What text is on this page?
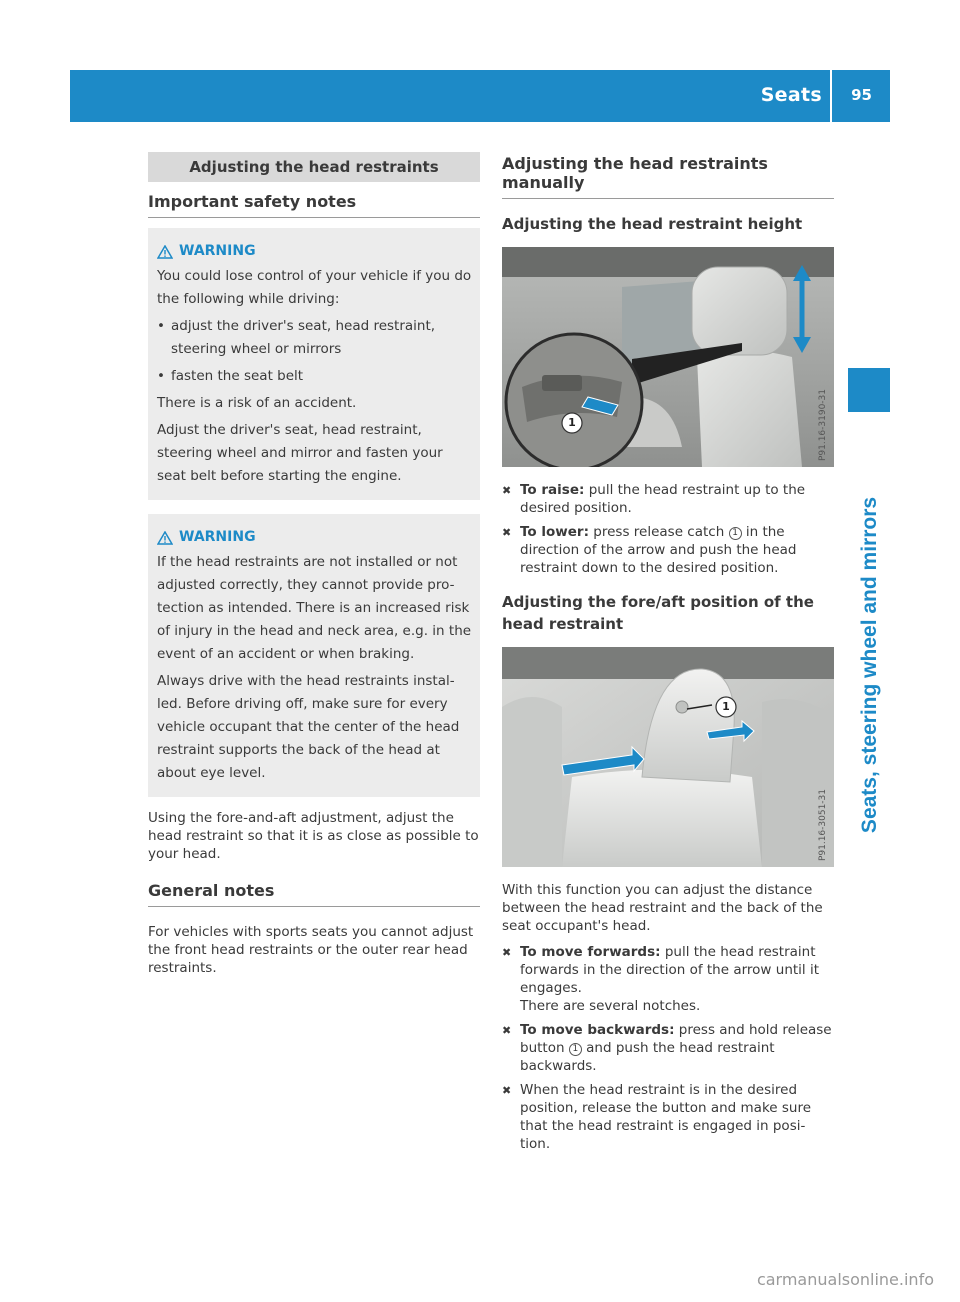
Seats 95
Seats, steering wheel and mirrors
Adjusting the head restraints
Important safety notes
WARNING

You could lose control of your vehicle if you do the following while driving:

• adjust the driver's seat, head restraint, steering wheel or mirrors
• fasten the seat belt

There is a risk of an accident.

Adjust the driver's seat, head restraint, steering wheel and mirror and fasten your seat belt before starting the engine.

WARNING

If the head restraints are not installed or not adjusted correctly, they cannot provide pro-tection as intended. There is an increased risk of injury in the head and neck area, e.g. in the event of an accident or when braking.

Always drive with the head restraints instal-led. Before driving off, make sure for every vehicle occupant that the center of the head restraint supports the back of the head at about eye level.

Using the fore-and-aft adjustment, adjust the head restraint so that it is as close as possible to your head.

General notes

For vehicles with sports seats you cannot adjust the front head restraints or the outer rear head restraints.

Adjusting the head restraints manually
Adjusting the head restraint height
1	P91.16-3190-31
✖ To raise: pull the head restraint up to the desired position.
✖ To lower: press release catch 1 in the direction of the arrow and push the head restraint down to the desired position.
Adjusting the fore/aft position of the
head restraint
1
P91.16-3051-31

With this function you can adjust the distance between the head restraint and the back of the seat occupant's head.

✖ To move forwards: pull the head restraint forwards in the direction of the arrow until it engages.
There are several notches.
✖ To move backwards: press and hold release button 1 and push the head restraint backwards.
✖ When the head restraint is in the desired position, release the button and make sure that the head restraint is engaged in posi-tion.
carmanualsonline.info
